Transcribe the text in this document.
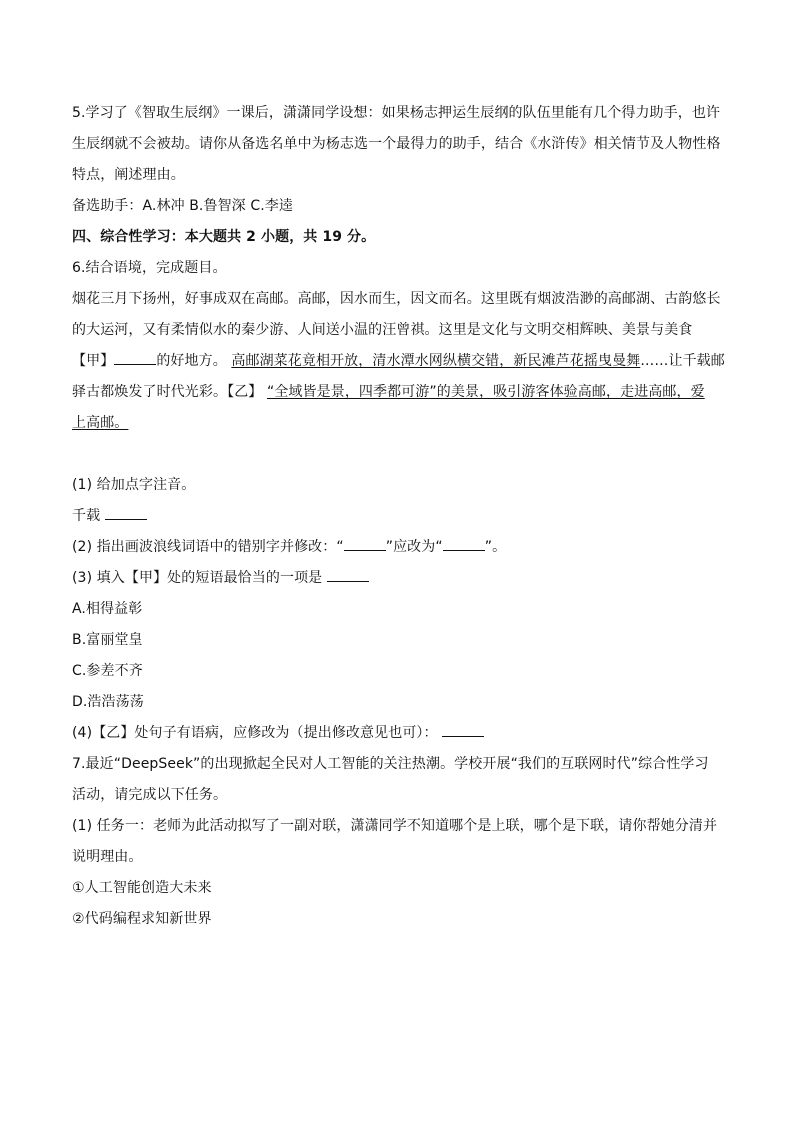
5.学习了《智取生辰纲》一课后，潇潇同学设想：如果杨志押运生辰纲的队伍里能有几个得力助手，也许
生辰纲就不会被劫。请你从备选名单中为杨志选一个最得力的助手，结合《水浒传》相关情节及人物性格
特点，阐述理由。
备选助手：A.林冲 B.鲁智深 C.李逵
四、综合性学习：本大题共 2 小题，共 19 分。
6.结合语境，完成题目。
烟花三月下扬州，好事成双在高邮。高邮，因水而生，因文而名。这里既有烟波浩渺的高邮湖、古韵悠长
的大运河，又有柔情似水的秦少游、人间送小温的汪曾祺。这里是文化与文明交相辉映、美景与美食
【甲】	的好地方。 高邮湖菜花竟相开放，清水潭水网纵横交错，新民滩芦花摇曳曼舞……让千载邮
驿古都焕发了时代光彩。【乙】 “全域皆是景，四季都可游”的美景，吸引游客体验高邮，走进高邮，爱
上高邮。
(1) 给加点字注音。
千载
(2) 指出画波浪线词语中的错别字并修改：“	”应改为“	”。
(3) 填入【甲】处的短语最恰当的一项是
A.相得益彰
B.富丽堂皇
C.参差不齐
D.浩浩荡荡
(4)【乙】处句子有语病，应修改为（提出修改意见也可）：
7.最近“DeepSeek”的出现掀起全民对人工智能的关注热潮。学校开展“我们的互联网时代”综合性学习
活动，请完成以下任务。
(1) 任务一：老师为此活动拟写了一副对联，潇潇同学不知道哪个是上联，哪个是下联，请你帮她分清并
说明理由。
①人工智能创造大未来
②代码编程求知新世界
